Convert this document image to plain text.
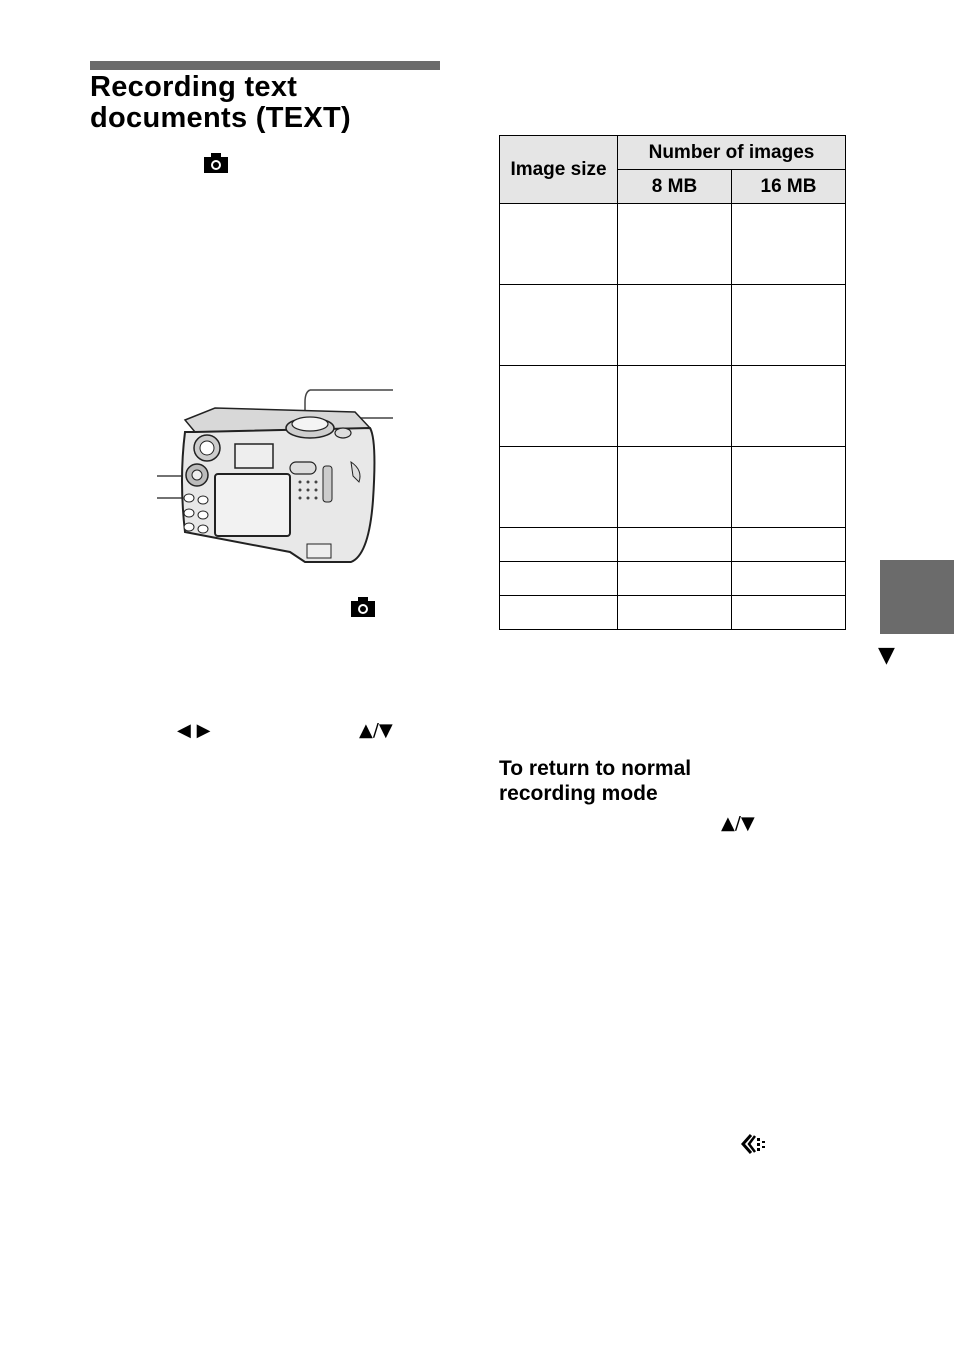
Recording text
documents (TEXT)
◀ ▶	▲/▼
Image size	Number of images	
	8 MB	16 MB

▼
To return to normal
recording mode
▲/▼
